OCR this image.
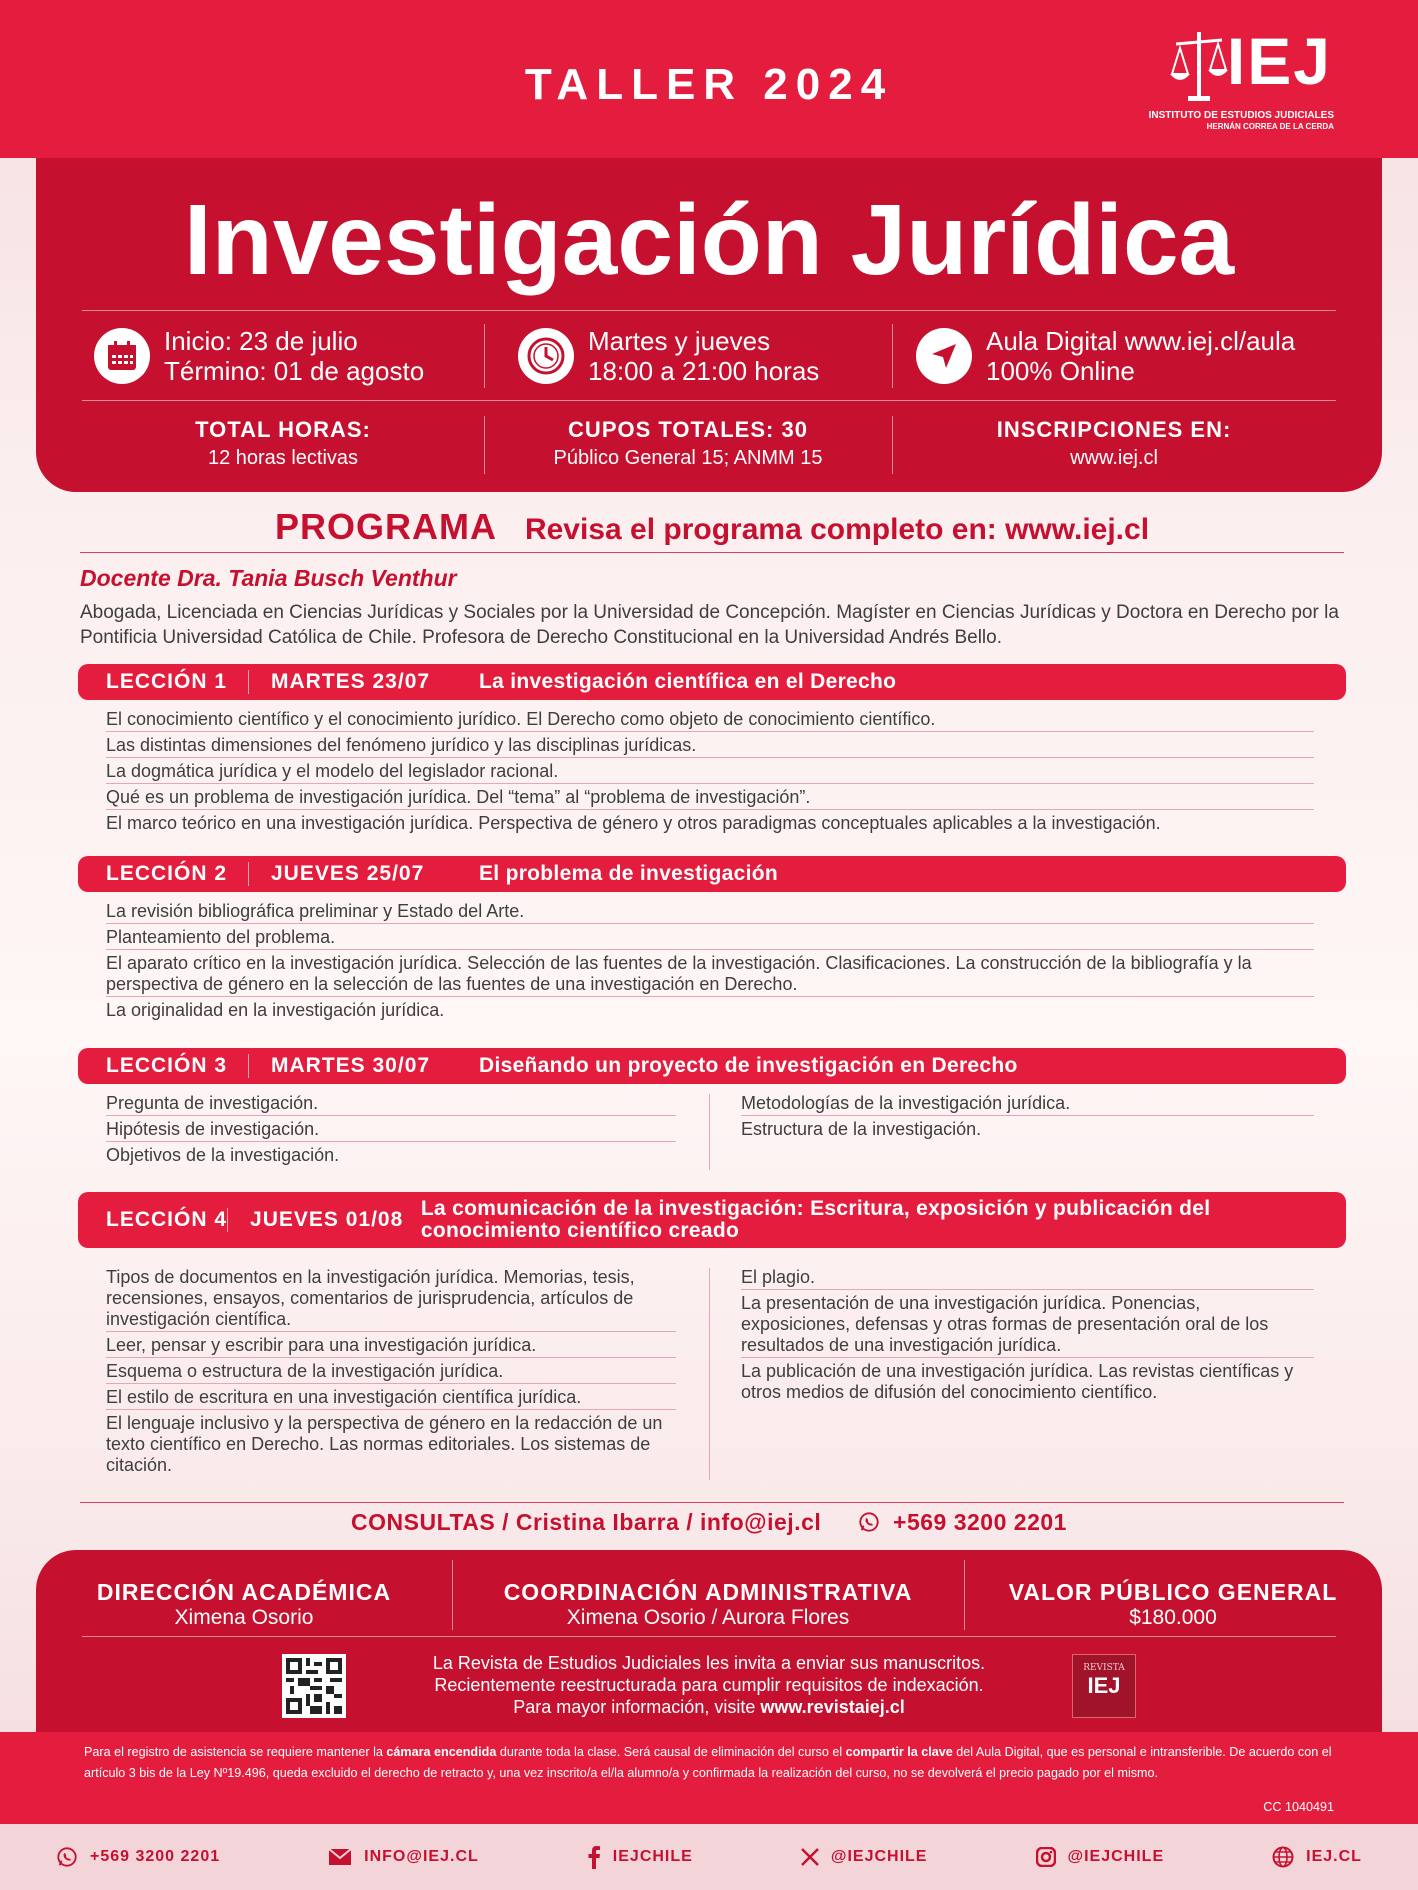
TALLER 2024	IEJ
INSTITUTO DE ESTUDIOS JUDICIALES
HERNÁN CORREA DE LA CERDA
Investigación Jurídica
Inicio: 23 de julio
Término: 01 de agosto
Martes y jueves
18:00 a 21:00 horas
Aula Digital www.iej.cl/aula
100% Online
TOTAL HORAS:
12 horas lectivas
CUPOS TOTALES: 30
Público General 15; ANMM 15
INSCRIPCIONES EN:
www.iej.cl
PROGRAMA Revisa el programa completo en: www.iej.cl
Docente Dra. Tania Busch Venthur
Abogada, Licenciada en Ciencias Jurídicas y Sociales por la Universidad de Concepción. Magíster en Ciencias Jurídicas y Doctora en Derecho por la Pontificia Universidad Católica de Chile. Profesora de Derecho Constitucional en la Universidad Andrés Bello.
LECCIÓN 1	MARTES 23/07	La investigación científica en el Derecho
El conocimiento científico y el conocimiento jurídico. El Derecho como objeto de conocimiento científico.
Las distintas dimensiones del fenómeno jurídico y las disciplinas jurídicas.
La dogmática jurídica y el modelo del legislador racional.
Qué es un problema de investigación jurídica. Del “tema” al “problema de investigación”.
El marco teórico en una investigación jurídica. Perspectiva de género y otros paradigmas conceptuales aplicables a la investigación.
LECCIÓN 2	JUEVES 25/07	El problema de investigación
La revisión bibliográfica preliminar y Estado del Arte.
Planteamiento del problema.
El aparato crítico en la investigación jurídica. Selección de las fuentes de la investigación. Clasificaciones. La construcción de la bibliografía y la perspectiva de género en la selección de las fuentes de una investigación en Derecho.
La originalidad en la investigación jurídica.
LECCIÓN 3	MARTES 30/07	Diseñando un proyecto de investigación en Derecho
Pregunta de investigación.
Hipótesis de investigación.
Objetivos de la investigación.
Metodologías de la investigación jurídica.
Estructura de la investigación.
LECCIÓN 4	JUEVES 01/08 La comunicación de la investigación: Escritura, exposición y publicación del conocimiento científico creado
Tipos de documentos en la investigación jurídica. Memorias, tesis, recensiones, ensayos, comentarios de jurisprudencia, artículos de investigación científica.
Leer, pensar y escribir para una investigación jurídica.
Esquema o estructura de la investigación jurídica.
El estilo de escritura en una investigación científica jurídica.
El lenguaje inclusivo y la perspectiva de género en la redacción de un texto científico en Derecho. Las normas editoriales. Los sistemas de citación.
El plagio.
La presentación de una investigación jurídica. Ponencias, exposiciones, defensas y otras formas de presentación oral de los resultados de una investigación jurídica.
La publicación de una investigación jurídica. Las revistas científicas y otros medios de difusión del conocimiento científico.
CONSULTAS / Cristina Ibarra / info@iej.cl	+569 3200 2201
DIRECCIÓN ACADÉMICA
Ximena Osorio
COORDINACIÓN ADMINISTRATIVA
Ximena Osorio / Aurora Flores
VALOR PÚBLICO GENERAL
$180.000
La Revista de Estudios Judiciales les invita a enviar sus manuscritos.
Recientemente reestructurada para cumplir requisitos de indexación.
Para mayor información, visite www.revistaiej.cl
REVISTA
IEJ
Para el registro de asistencia se requiere mantener la cámara encendida durante toda la clase. Será causal de eliminación del curso el compartir la clave del Aula Digital, que es personal e intransferible. De acuerdo con el artículo 3 bis de la Ley Nº19.496, queda excluido el derecho de retracto y, una vez inscrito/a el/la alumno/a y confirmada la realización del curso, no se devolverá el precio pagado por el mismo.
CC 1040491
+569 3200 2201	INFO@IEJ.CL	IEJCHILE	@IEJCHILE	@IEJCHILE	IEJ.CL
